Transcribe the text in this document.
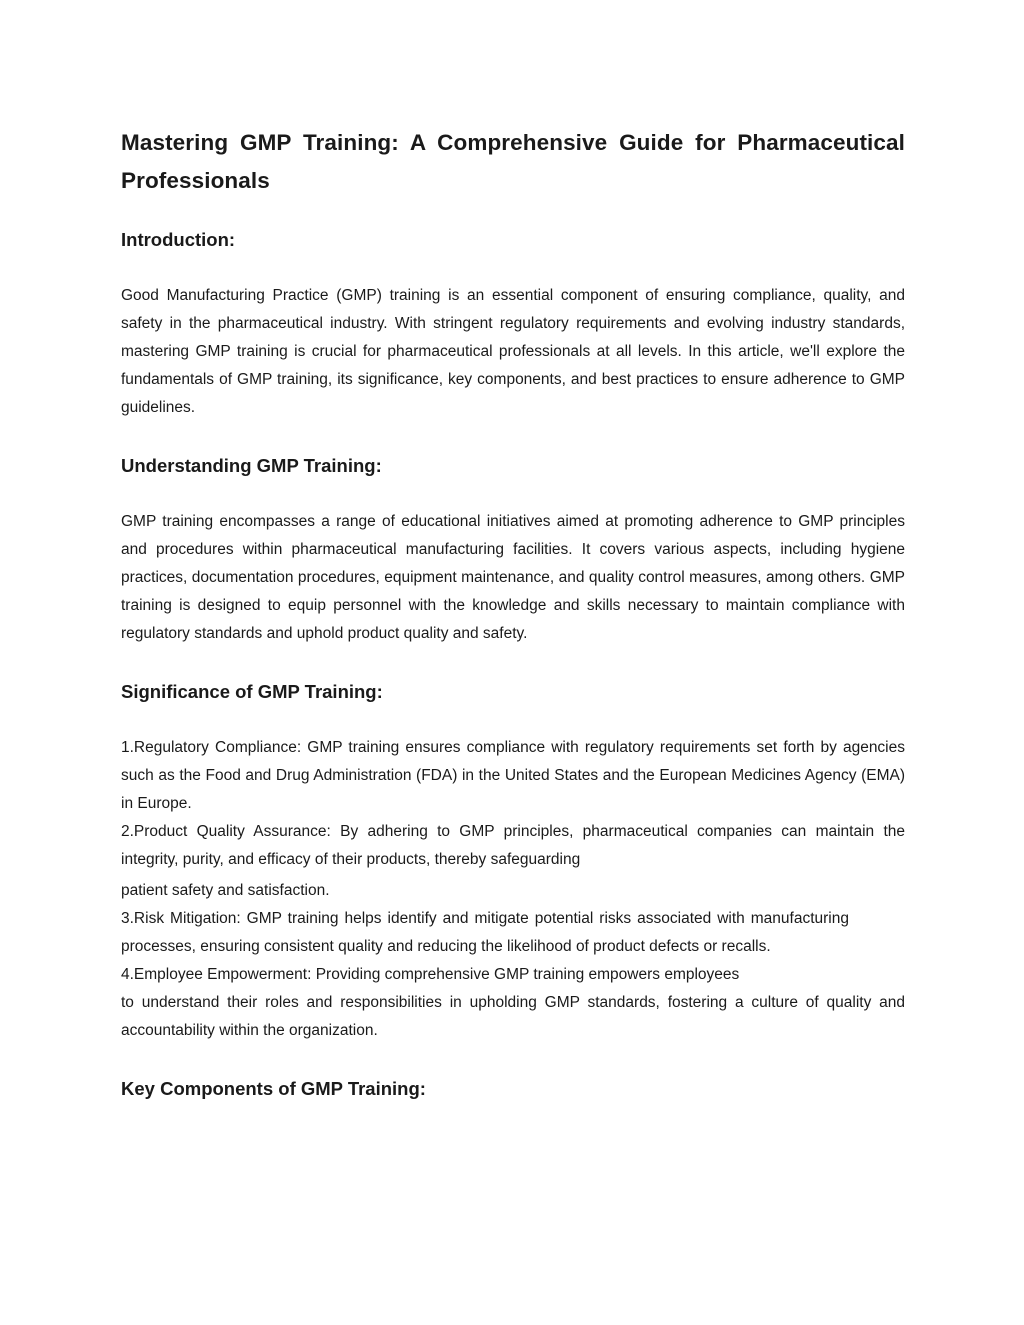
Mastering GMP Training: A Comprehensive Guide for Pharmaceutical Professionals
Introduction:

Good Manufacturing Practice (GMP) training is an essential component of ensuring compliance, quality, and safety in the pharmaceutical industry. With stringent regulatory requirements and evolving industry standards, mastering GMP training is crucial for pharmaceutical professionals at all levels. In this article, we'll explore the fundamentals of GMP training, its significance, key components, and best practices to ensure adherence to GMP guidelines.

Understanding GMP Training:

GMP training encompasses a range of educational initiatives aimed at promoting adherence to GMP principles and procedures within pharmaceutical manufacturing facilities. It covers various aspects, including hygiene practices, documentation procedures, equipment maintenance, and quality control measures, among others. GMP training is designed to equip personnel with the knowledge and skills necessary to maintain compliance with regulatory standards and uphold product quality and safety.

Significance of GMP Training:

1.Regulatory Compliance: GMP training ensures compliance with regulatory requirements set forth by agencies such as the Food and Drug Administration (FDA) in the United States and the European Medicines Agency (EMA) in Europe.

2.Product Quality Assurance: By adhering to GMP principles, pharmaceutical companies can maintain the integrity, purity, and efficacy of their products, thereby safeguarding
patient safety and satisfaction.

3.Risk Mitigation: GMP training helps identify and mitigate potential risks associated with manufacturing processes, ensuring consistent quality and reducing the likelihood of product defects or recalls.

4.Employee Empowerment: Providing comprehensive GMP training empowers employees
to understand their roles and responsibilities in upholding GMP standards, fostering a culture of quality and accountability within the organization.

Key Components of GMP Training:
